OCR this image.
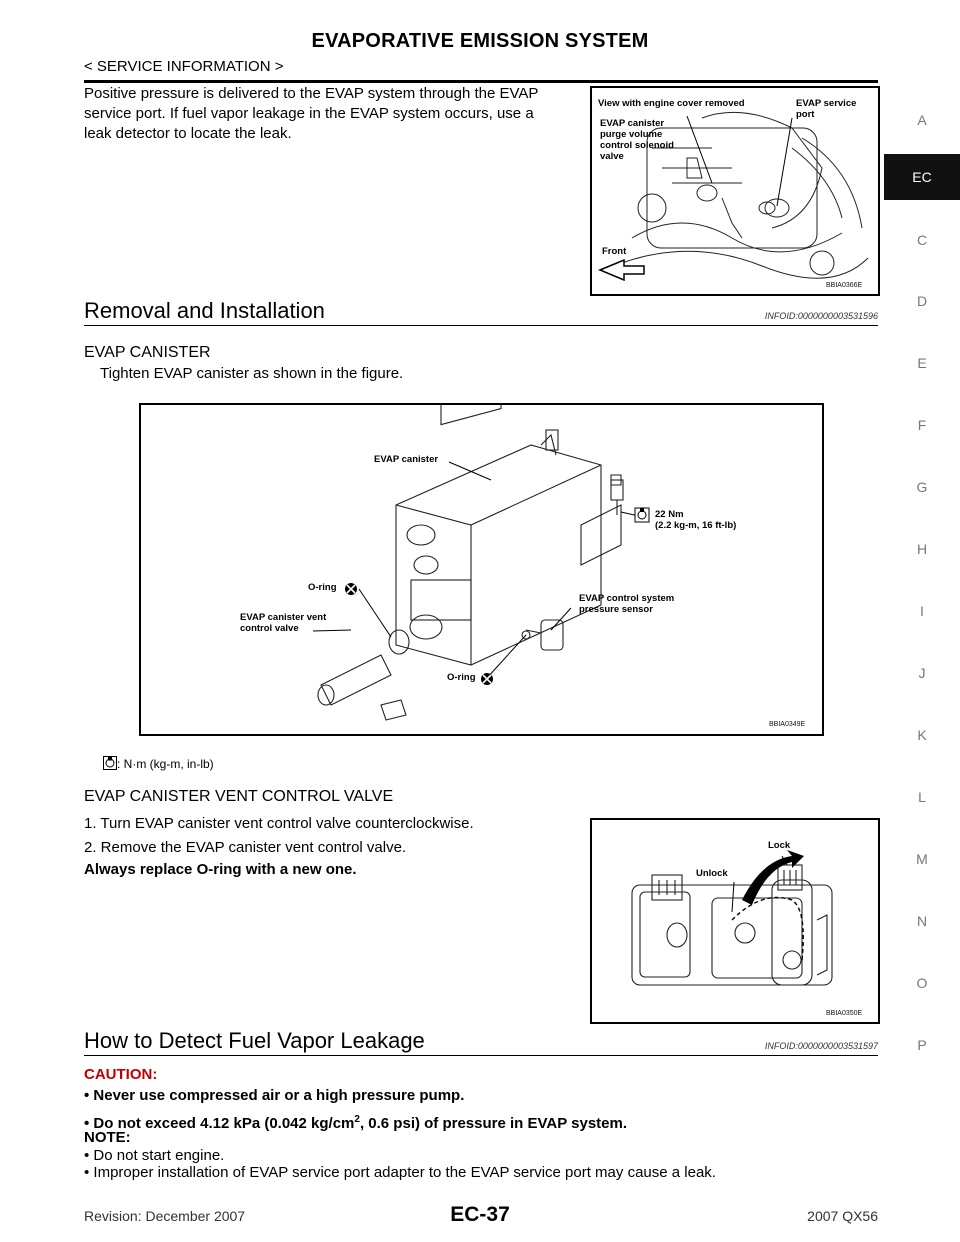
EVAPORATIVE EMISSION SYSTEM
< SERVICE INFORMATION >
Positive pressure is delivered to the EVAP system through the EVAP
service port. If fuel vapor leakage in the EVAP system occurs, use a
leak detector to locate the leak.
View with engine cover removed
EVAP canister
purge volume
control solenoid
valve
EVAP service
port
Front
BBIA0366E
Removal and Installation	INFOID:0000000003531596
EVAP CANISTER
Tighten EVAP canister as shown in the figure.
EVAP canister
22 Nm
(2.2 kg-m, 16 ft-lb)
O-ring
EVAP canister vent
control valve
EVAP control system
pressure sensor
O-ring
BBIA0349E
: N·m (kg-m, in-lb)
EVAP CANISTER VENT CONTROL VALVE
1. Turn EVAP canister vent control valve counterclockwise.
2. Remove the EVAP canister vent control valve.
Always replace O-ring with a new one.
Lock
Unlock
BBIA0350E
How to Detect Fuel Vapor Leakage	INFOID:0000000003531597
CAUTION:
• Never use compressed air or a high pressure pump.
• Do not exceed 4.12 kPa (0.042 $kg/cm^2$, 0.6 psi) of pressure in EVAP system.
NOTE:
• Do not start engine.
• Improper installation of EVAP service port adapter to the EVAP service port may cause a leak.
A
EC
C
D
E
F
G
H
I
J
K
L
M
N
O
P
Revision: December 2007	EC-37	2007 QX56
